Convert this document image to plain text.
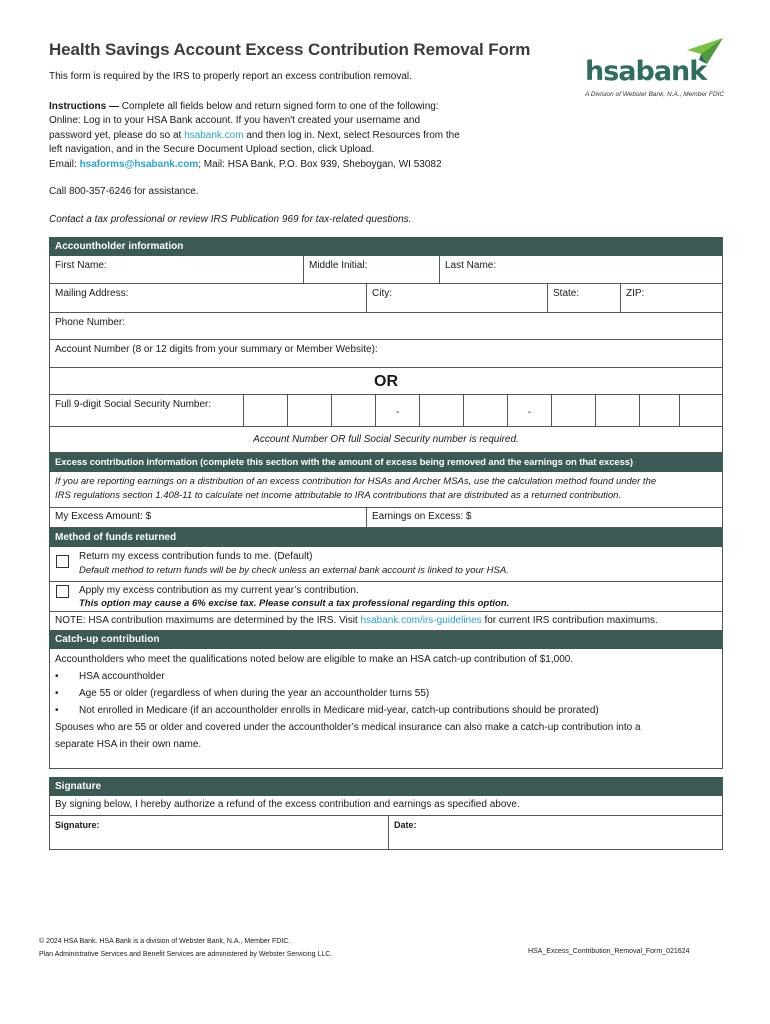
Health Savings Account Excess Contribution Removal Form
This form is required by the IRS to properly report an excess contribution removal.	hsabank
A Division of Webster Bank, N.A., Member FDIC
Instructions — Complete all fields below and return signed form to one of the following:
Online: Log in to your HSA Bank account. If you haven't created your username and
password yet, please do so at hsabank.com and then log in. Next, select Resources from the
left navigation, and in the Secure Document Upload section, click Upload.
Email: hsaforms@hsabank.com; Mail: HSA Bank, P.O. Box 939, Sheboygan, WI 53082
Call 800-357-6246 for assistance.
Contact a tax professional or review IRS Publication 969 for tax-related questions.
Accountholder information
First Name:	Middle Initial:	Last Name:
Mailing Address:	City:	State:	ZIP:
Phone Number:
Account Number (8 or 12 digits from your summary or Member Website):
OR
Full 9-digit Social Security Number:
-	-
Account Number OR full Social Security number is required.
Excess contribution information (complete this section with the amount of excess being removed and the earnings on that excess)
If you are reporting earnings on a distribution of an excess contribution for HSAs and Archer MSAs, use the calculation method found under the
IRS regulations section 1.408-11 to calculate net income attributable to IRA contributions that are distributed as a returned contribution.
My Excess Amount: $	Earnings on Excess: $
Method of funds returned
Return my excess contribution funds to me. (Default)
Default method to return funds will be by check unless an external bank account is linked to your HSA.
Apply my excess contribution as my current year’s contribution.
This option may cause a 6% excise tax. Please consult a tax professional regarding this option.
NOTE: HSA contribution maximums are determined by the IRS. Visit hsabank.com/irs-guidelines for current IRS contribution maximums.
Catch-up contribution
Accountholders who meet the qualifications noted below are eligible to make an HSA catch-up contribution of $1,000.
• HSA accountholder
• Age 55 or older (regardless of when during the year an accountholder turns 55)
• Not enrolled in Medicare (if an accountholder enrolls in Medicare mid-year, catch-up contributions should be prorated)
Spouses who are 55 or older and covered under the accountholder’s medical insurance can also make a catch-up contribution into a
separate HSA in their own name.
Signature
By signing below, I hereby authorize a refund of the excess contribution and earnings as specified above.
Signature:	Date:
© 2024 HSA Bank. HSA Bank is a division of Webster Bank, N.A., Member FDIC.
Plan Administrative Services and Benefit Services are administered by Webster Servicing LLC.	HSA_Excess_Contribution_Removal_Form_021624
